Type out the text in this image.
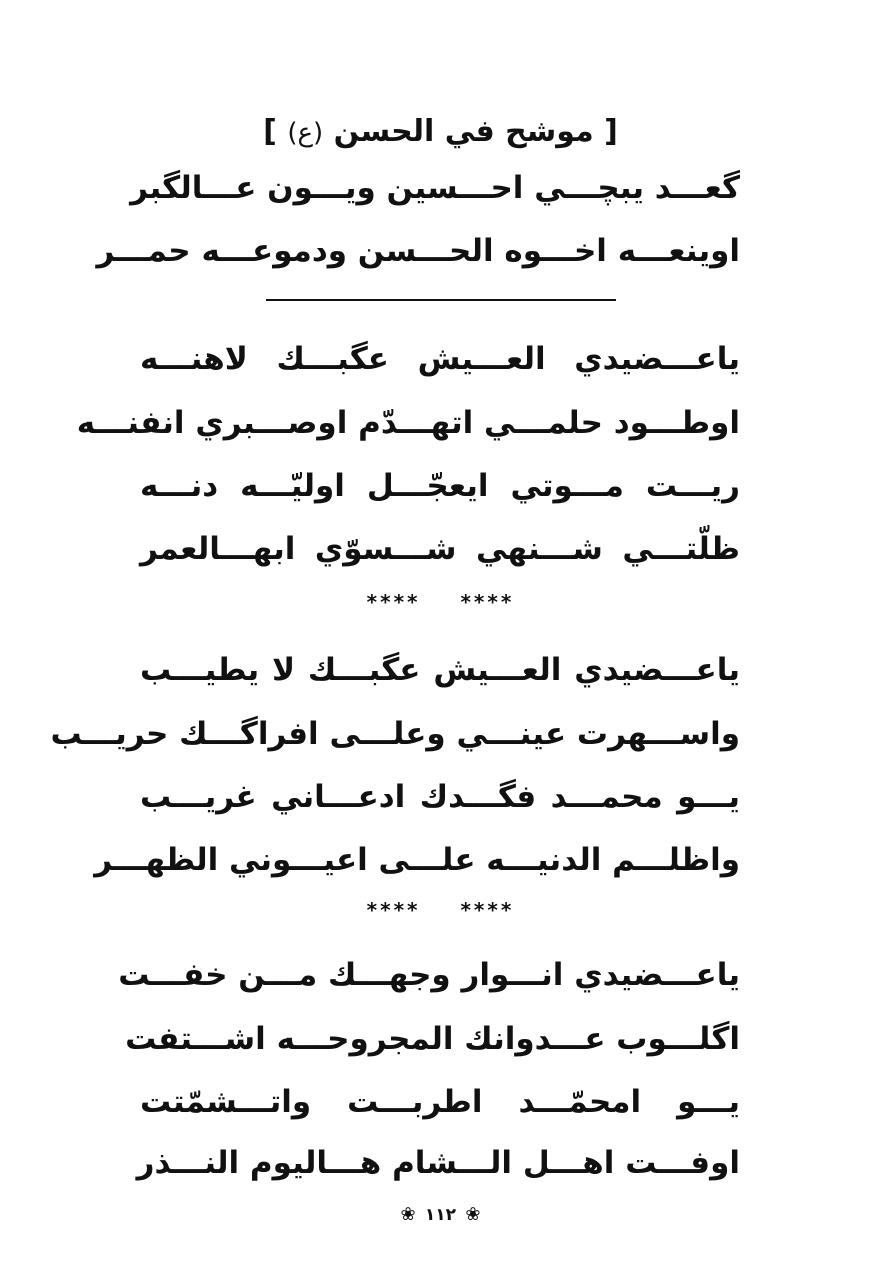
[ موشح في الحسن (ع) ]
گعـــد يبچـــي احـــسين ويـــون عـــالگبر
اوينعـــه اخـــوه الحـــسن ودموعـــه حمـــر
ياعـــضيدي العـــيش عگبـــك لاهنـــه
اوطـــود حلمـــي اتهـــدّم اوصـــبري انفنـــه
ريـــت مـــوتي ايعجّـــل اوليّـــه دنـــه
ظلّتـــي شـــنهي شـــسوّي ابهـــالعمر
**** ****
ياعـــضيدي العـــيش عگبـــك لا يطيـــب
واســـهرت عينـــي وعلـــى افراگـــك حريـــب
يـــو محمـــد فگـــدك ادعـــاني غريـــب
واظلـــم الدنيـــه علـــى اعيـــوني الظهـــر
**** ****
ياعـــضيدي انـــوار وجهـــك مـــن خفـــت
اگلـــوب عـــدوانك المجروحـــه اشـــتفت
يـــو امحمّـــد اطربـــت واتـــشمّتت
اوفـــت اهـــل الـــشام هـــاليوم النـــذر
❀ ١١٢ ❀
